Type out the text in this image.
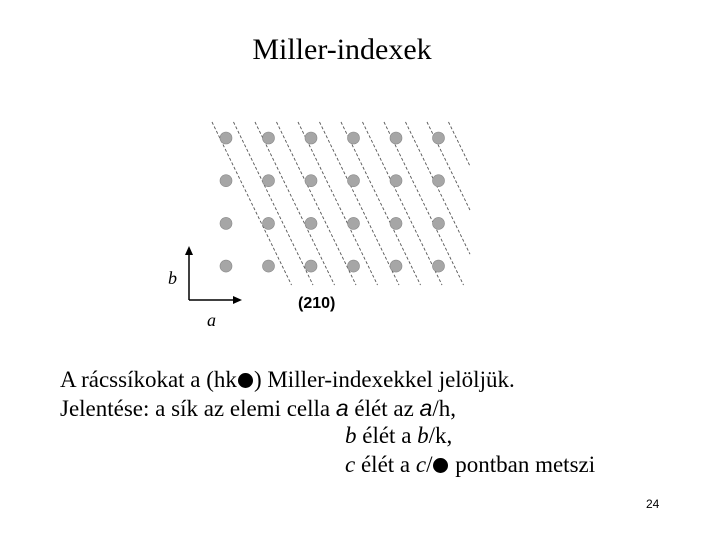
Miller-indexek
b
a
(210)
A rácssíkokat a (hk ) Miller-indexekkel jelöljük.
Jelentése: a sík az elemi cella a élét az a/h,
b élét a b/k,
c élét a c/ pontban metszi
24
